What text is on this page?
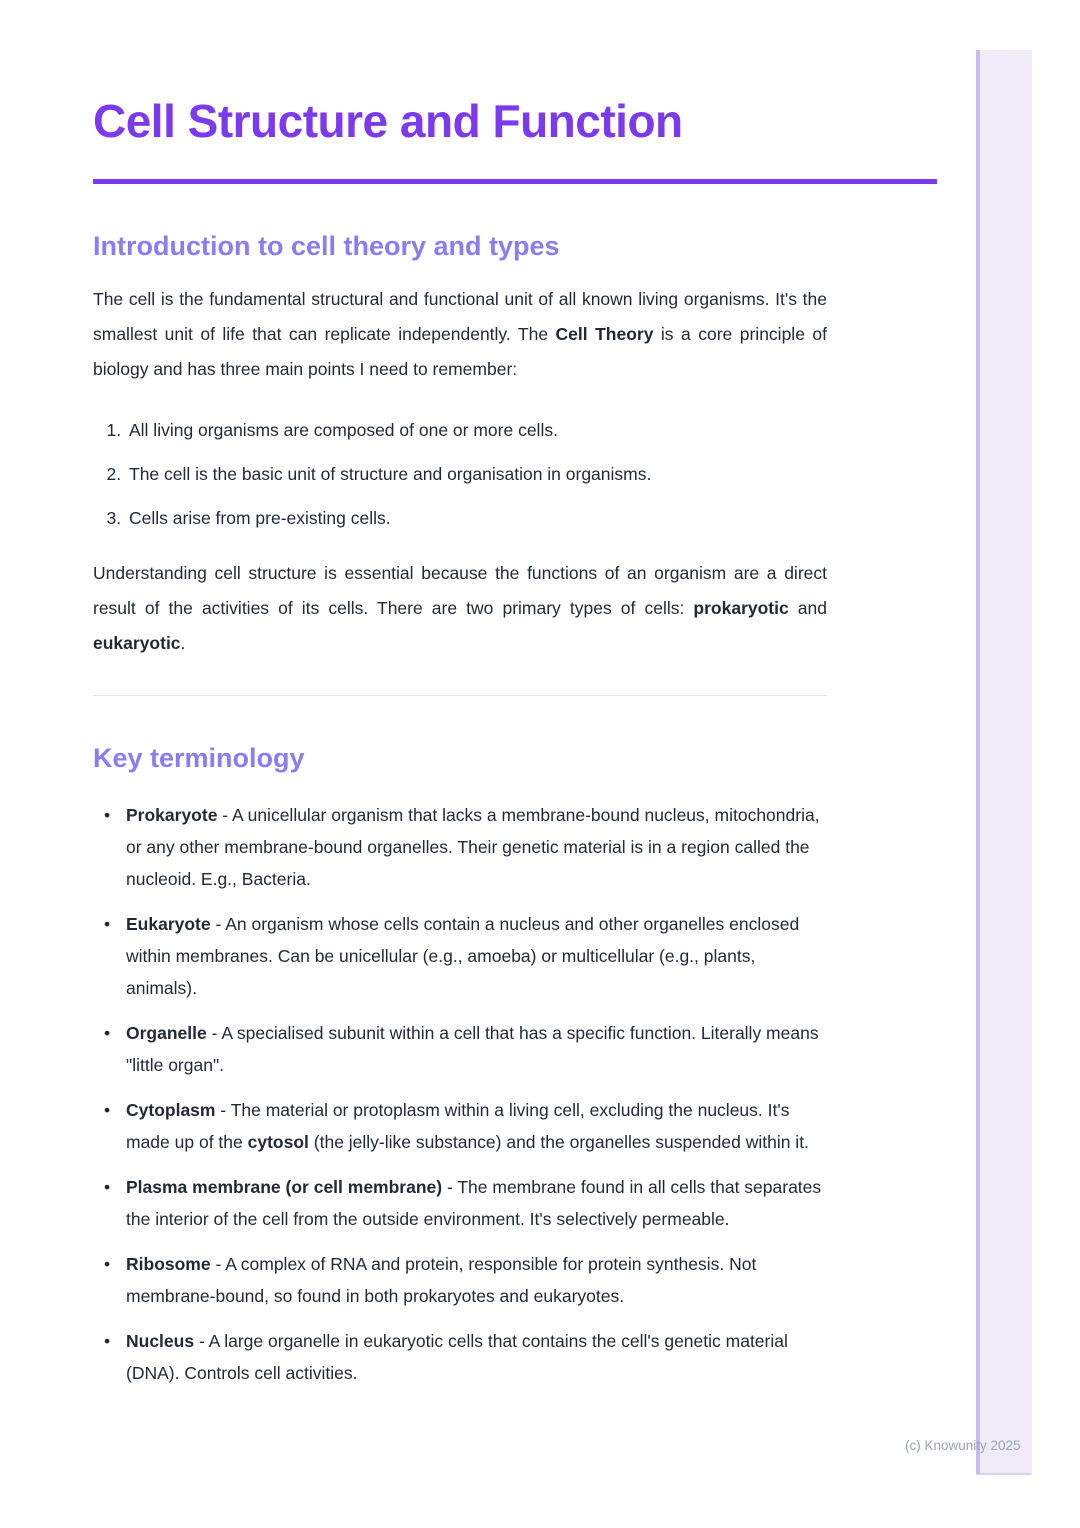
Cell Structure and Function
Introduction to cell theory and types

The cell is the fundamental structural and functional unit of all known living organisms. It's the smallest unit of life that can replicate independently. The Cell Theory is a core principle of biology and has three main points I need to remember:

1. All living organisms are composed of one or more cells.
2. The cell is the basic unit of structure and organisation in organisms.
3. Cells arise from pre-existing cells.

Understanding cell structure is essential because the functions of an organism are a direct result of the activities of its cells. There are two primary types of cells: prokaryotic and eukaryotic.

Key terminology
• Prokaryote - A unicellular organism that lacks a membrane-bound nucleus, mitochondria, or any other membrane-bound organelles. Their genetic material is in a region called the nucleoid. E.g., Bacteria.
• Eukaryote - An organism whose cells contain a nucleus and other organelles enclosed within membranes. Can be unicellular (e.g., amoeba) or multicellular (e.g., plants, animals).
• Organelle - A specialised subunit within a cell that has a specific function. Literally means "little organ".
• Cytoplasm - The material or protoplasm within a living cell, excluding the nucleus. It's made up of the cytosol (the jelly-like substance) and the organelles suspended within it.
• Plasma membrane (or cell membrane) - The membrane found in all cells that separates the interior of the cell from the outside environment. It's selectively permeable.
• Ribosome - A complex of RNA and protein, responsible for protein synthesis. Not membrane-bound, so found in both prokaryotes and eukaryotes.
• Nucleus - A large organelle in eukaryotic cells that contains the cell's genetic material (DNA). Controls cell activities.
(c) Knowunity 2025
